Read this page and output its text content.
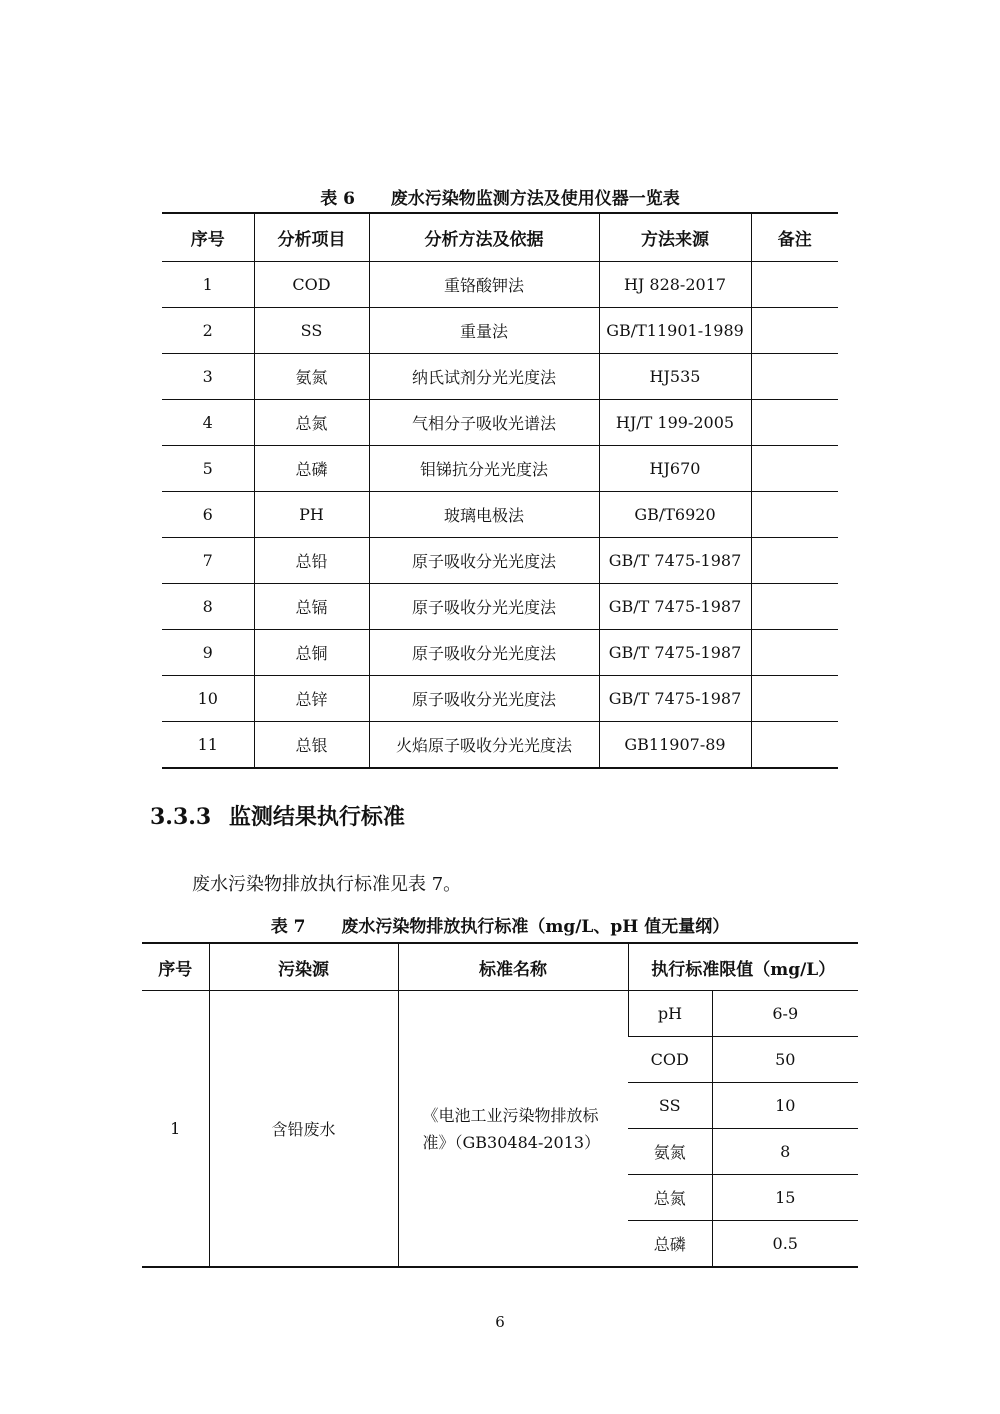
表 6 废水污染物监测方法及使用仪器一览表
序号	分析项目	分析方法及依据	方法来源	备注
1	COD	重铬酸钾法	HJ 828-2017	
2	SS	重量法	GB/T11901-1989	
3	氨氮	纳氏试剂分光光度法	HJ535	
4	总氮	气相分子吸收光谱法	HJ/T 199-2005	
5	总磷	钼锑抗分光光度法	HJ670	
6	PH	玻璃电极法	GB/T6920	
7	总铅	原子吸收分光光度法	GB/T 7475-1987	
8	总镉	原子吸收分光光度法	GB/T 7475-1987	
9	总铜	原子吸收分光光度法	GB/T 7475-1987	
10	总锌	原子吸收分光光度法	GB/T 7475-1987	
11	总银	火焰原子吸收分光光度法	GB11907-89	
3.3.3 监测结果执行标准
废水污染物排放执行标准见表 7。
表 7 废水污染物排放执行标准（mg/L、pH 值无量纲）
序号	污染源	标准名称	执行标准限值（mg/L）	
1	含铅废水	《电池工业污染物排放标准》（GB30484-2013）	pH	6-9
			COD	50
			SS	10
			氨氮	8
			总氮	15
			总磷	0.5
6
